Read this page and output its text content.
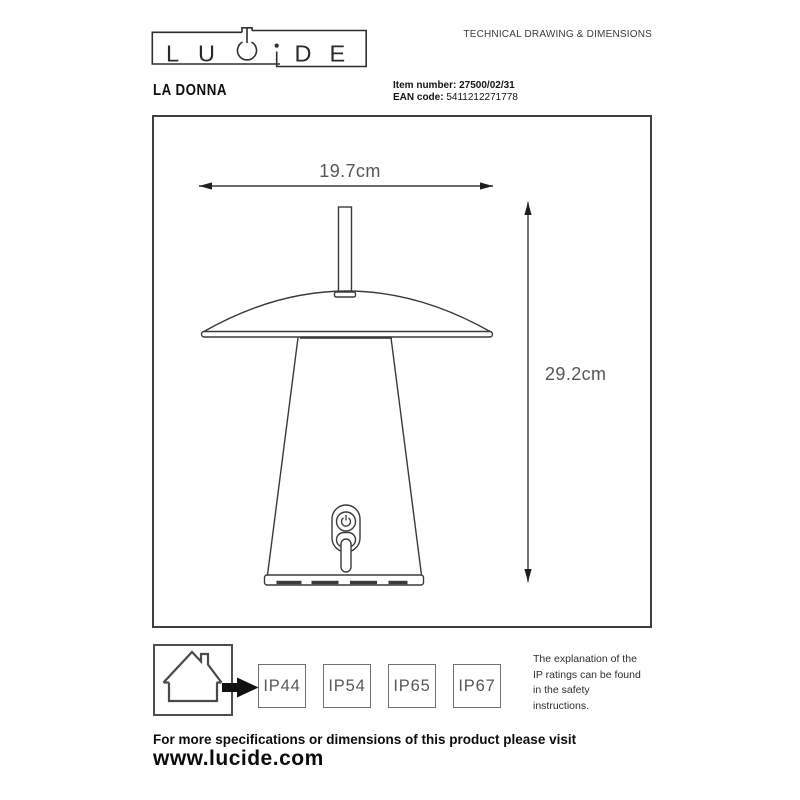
L U	D E
TECHNICAL DRAWING & DIMENSIONS
LA DONNA	Item number: 27500/02/31
EAN code: 5411212271778
19.7cm
29.2cm
IP44	IP54	IP65	IP67
The explanation of the
IP ratings can be found
in the safety
instructions.
For more specifications or dimensions of this product please visit
www.lucide.com
